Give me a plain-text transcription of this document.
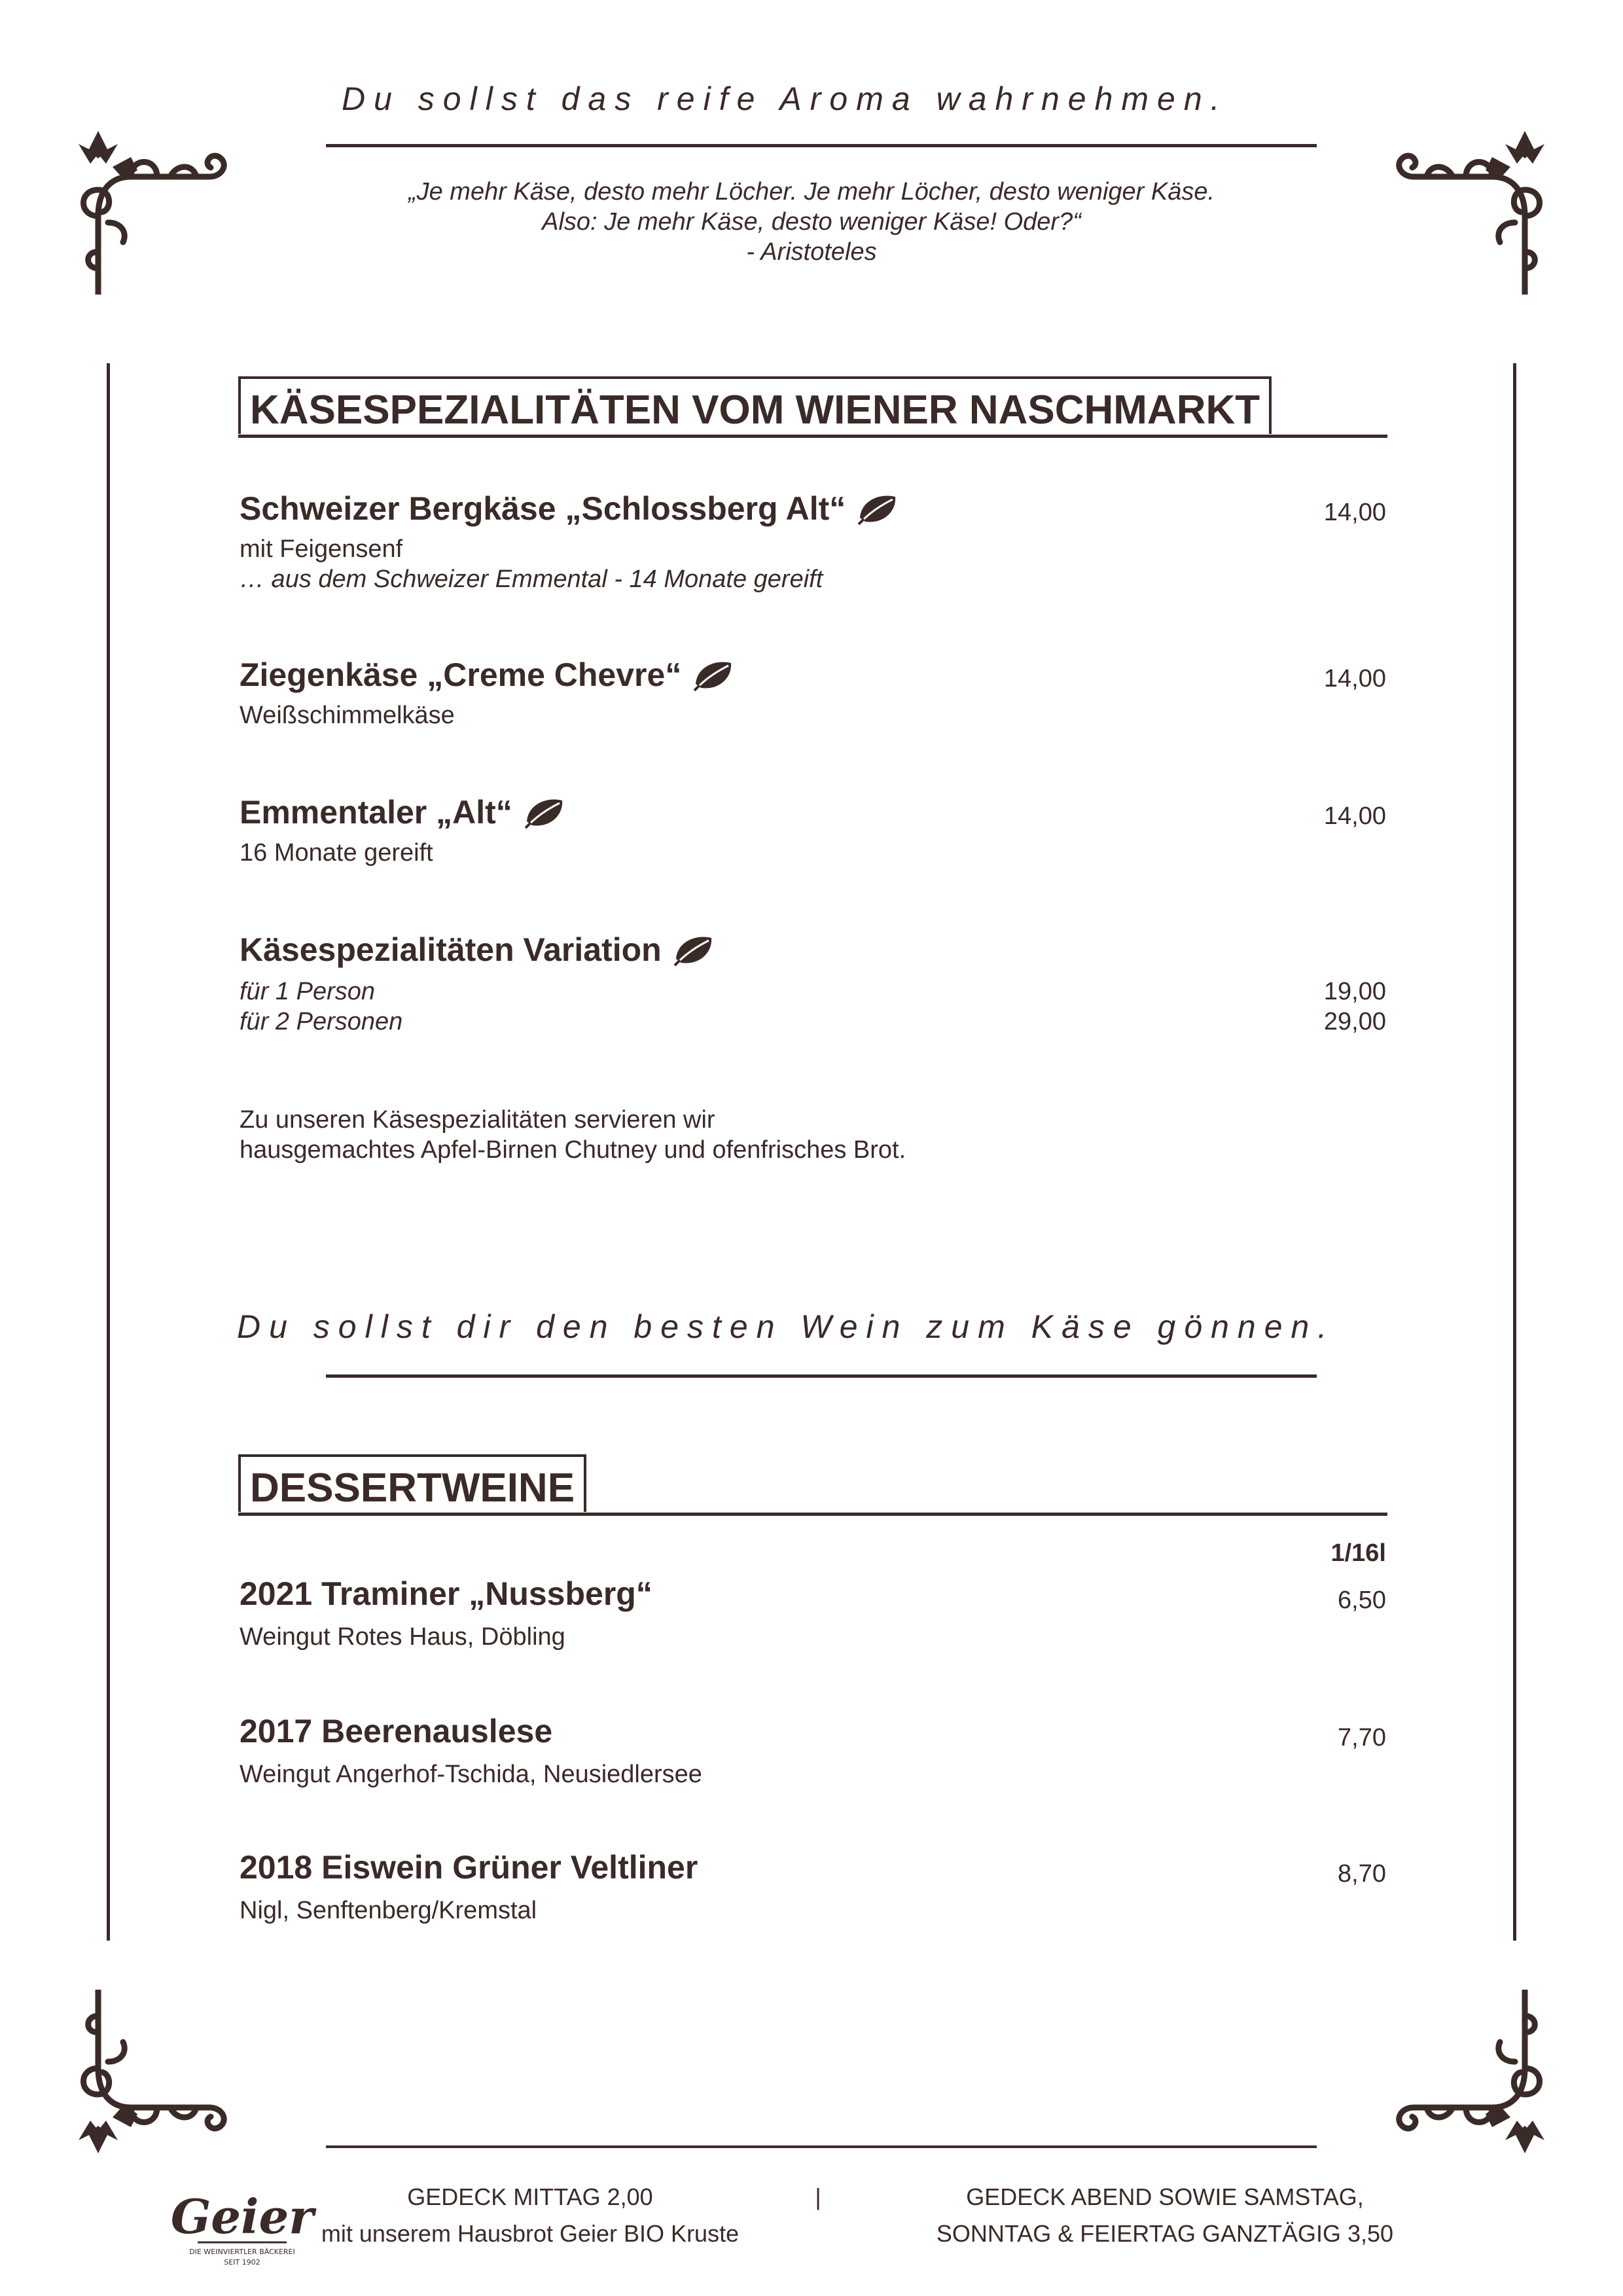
Du sollst das reife Aroma wahrnehmen.
„Je mehr Käse, desto mehr Löcher. Je mehr Löcher, desto weniger Käse.
Also: Je mehr Käse, desto weniger Käse! Oder?“
- Aristoteles
KÄSESPEZIALITÄTEN VOM WIENER NASCHMARKT
Schweizer Bergkäse „Schlossberg Alt“	14,00
mit Feigensenf
… aus dem Schweizer Emmental - 14 Monate gereift
Ziegenkäse „Creme Chevre“	14,00
Weißschimmelkäse
Emmentaler „Alt“	14,00
16 Monate gereift
Käsespezialitäten Variation
für 1 Person	19,00
für 2 Personen	29,00
Zu unseren Käsespezialitäten servieren wir
hausgemachtes Apfel-Birnen Chutney und ofenfrisches Brot.
Du sollst dir den besten Wein zum Käse gönnen.
DESSERTWEINE
1/16l
2021 Traminer „Nussberg“	6,50
Weingut Rotes Haus, Döbling
2017 Beerenauslese	7,70
Weingut Angerhof-Tschida, Neusiedlersee
2018 Eiswein Grüner Veltliner	8,70
Nigl, Senftenberg/Kremstal
Geier
DIE WEINVIERTLER BÄCKEREI
SEIT 1902
GEDECK MITTAG 2,00
mit unserem Hausbrot Geier BIO Kruste
|	GEDECK ABEND SOWIE SAMSTAG,
SONNTAG & FEIERTAG GANZTÄGIG 3,50
